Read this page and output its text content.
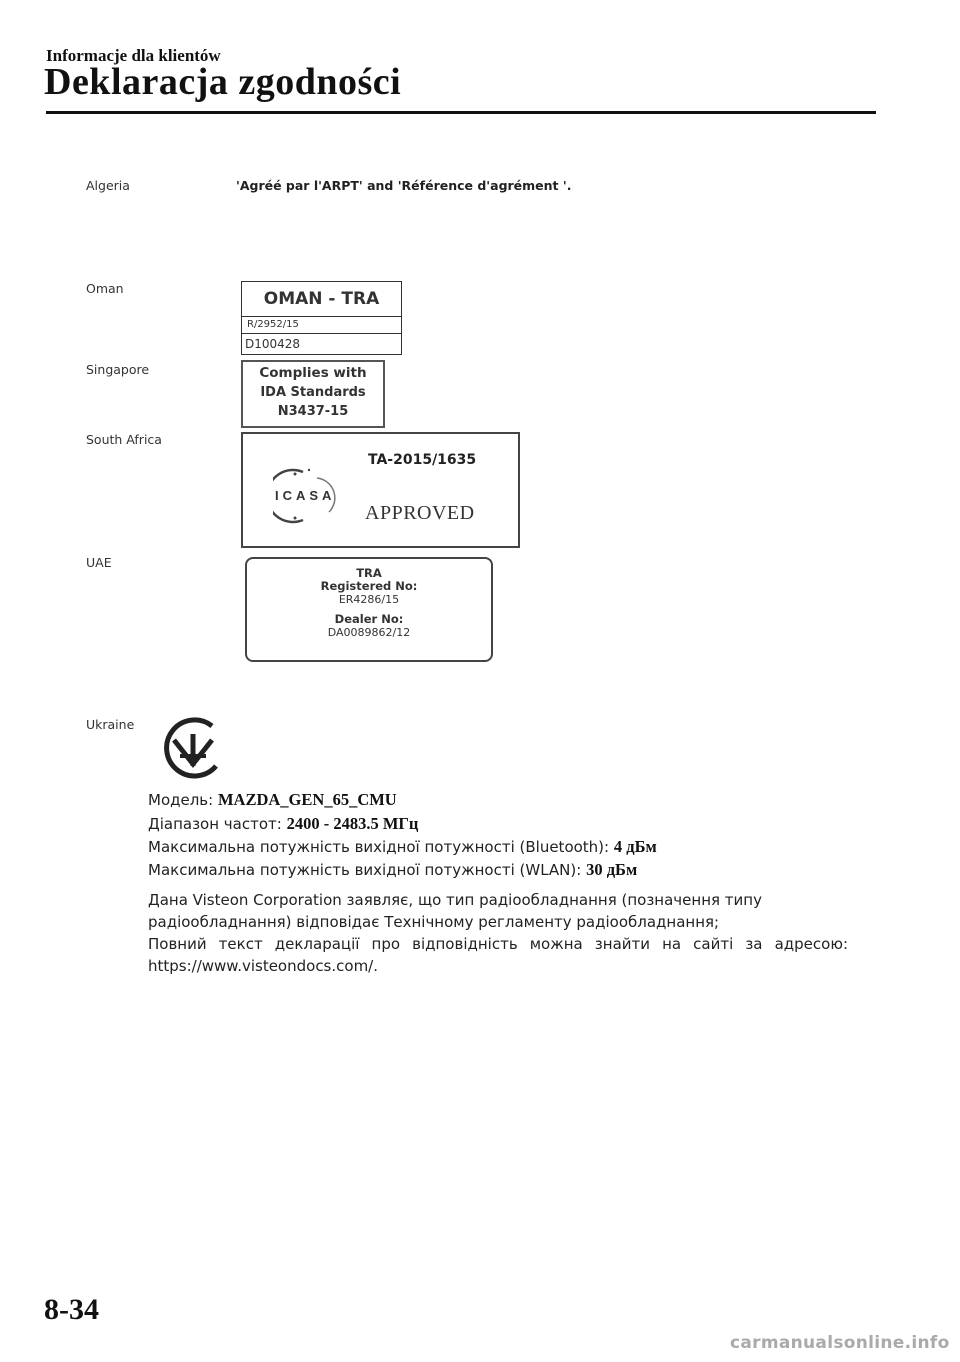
Informacje dla klientów
Deklaracja zgodności
Algeria	'Agréé par l'ARPT' and 'Référence d'agrément '.
Oman
OMAN - TRA
R/2952/15
D100428
Singapore	Complies with
IDA Standards
N3437-15
South Africa
TA-2015/1635
ICASA
APPROVED
UAE
TRA
Registered No:
ER4286/15
Dealer No:
DA0089862/12
Ukraine
Модель: MAZDA_GEN_65_CMU
Діапазон частот: 2400 - 2483.5 МГц
Максимальна потужність вихідної потужності (Bluetooth): 4 дБм
Максимальна потужність вихідної потужності (WLAN): 30 дБм
Дана Visteon Corporation заявляє, що тип радіообладнання (позначення типу
радіообладнання) відповідає Технічному регламенту радіообладнання;
Повний текст декларації про відповідність можна знайти на сайті за адресою:
https://www.visteondocs.com/.
8-34
carmanualsonline.info
